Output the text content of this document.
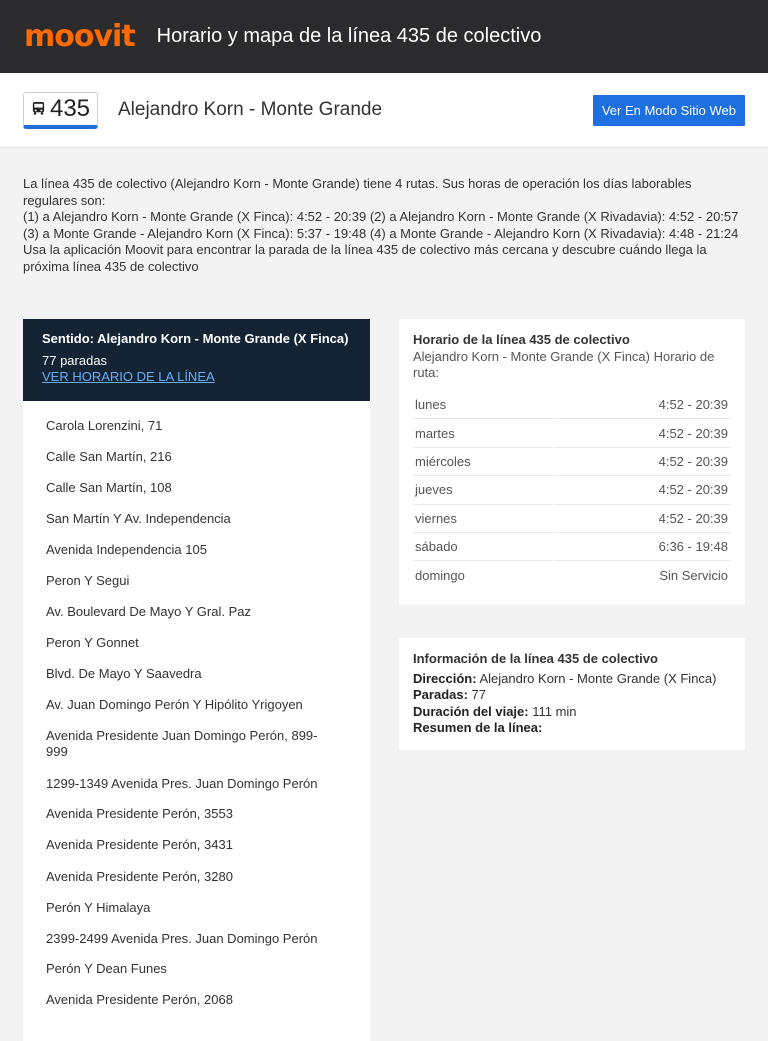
moovit Horario y mapa de la línea 435 de colectivo
435 Alejandro Korn - Monte Grande	Ver En Modo Sitio Web
La línea 435 de colectivo (Alejandro Korn - Monte Grande) tiene 4 rutas. Sus horas de operación los días laborables regulares son:
(1) a Alejandro Korn - Monte Grande (X Finca): 4:52 - 20:39 (2) a Alejandro Korn - Monte Grande (X Rivadavia): 4:52 - 20:57 (3) a Monte Grande - Alejandro Korn (X Finca): 5:37 - 19:48 (4) a Monte Grande - Alejandro Korn (X Rivadavia): 4:48 - 21:24
Usa la aplicación Moovit para encontrar la parada de la línea 435 de colectivo más cercana y descubre cuándo llega la próxima línea 435 de colectivo
Sentido: Alejandro Korn - Monte Grande (X Finca)
77 paradas
VER HORARIO DE LA LÍNEA
Carola Lorenzini, 71
Calle San Martín, 216
Calle San Martín, 108
San Martín Y Av. Independencia
Avenida Independencia 105
Peron Y Segui
Av. Boulevard De Mayo Y Gral. Paz
Peron Y Gonnet
Blvd. De Mayo Y Saavedra
Av. Juan Domingo Perón Y Hipólito Yrigoyen
Avenida Presidente Juan Domingo Perón, 899-999
1299-1349 Avenida Pres. Juan Domingo Perón
Avenida Presidente Perón, 3553
Avenida Presidente Perón, 3431
Avenida Presidente Perón, 3280
Perón Y Himalaya
2399-2499 Avenida Pres. Juan Domingo Perón
Perón Y Dean Funes
Avenida Presidente Perón, 2068
Horario de la línea 435 de colectivo
Alejandro Korn - Monte Grande (X Finca) Horario de ruta:
lunes	4:52 - 20:39
martes	4:52 - 20:39
miércoles	4:52 - 20:39
jueves	4:52 - 20:39
viernes	4:52 - 20:39
sábado	6:36 - 19:48
domingo	Sin Servicio
Información de la línea 435 de colectivo
Dirección: Alejandro Korn - Monte Grande (X Finca)
Paradas: 77
Duración del viaje: 111 min
Resumen de la línea:
